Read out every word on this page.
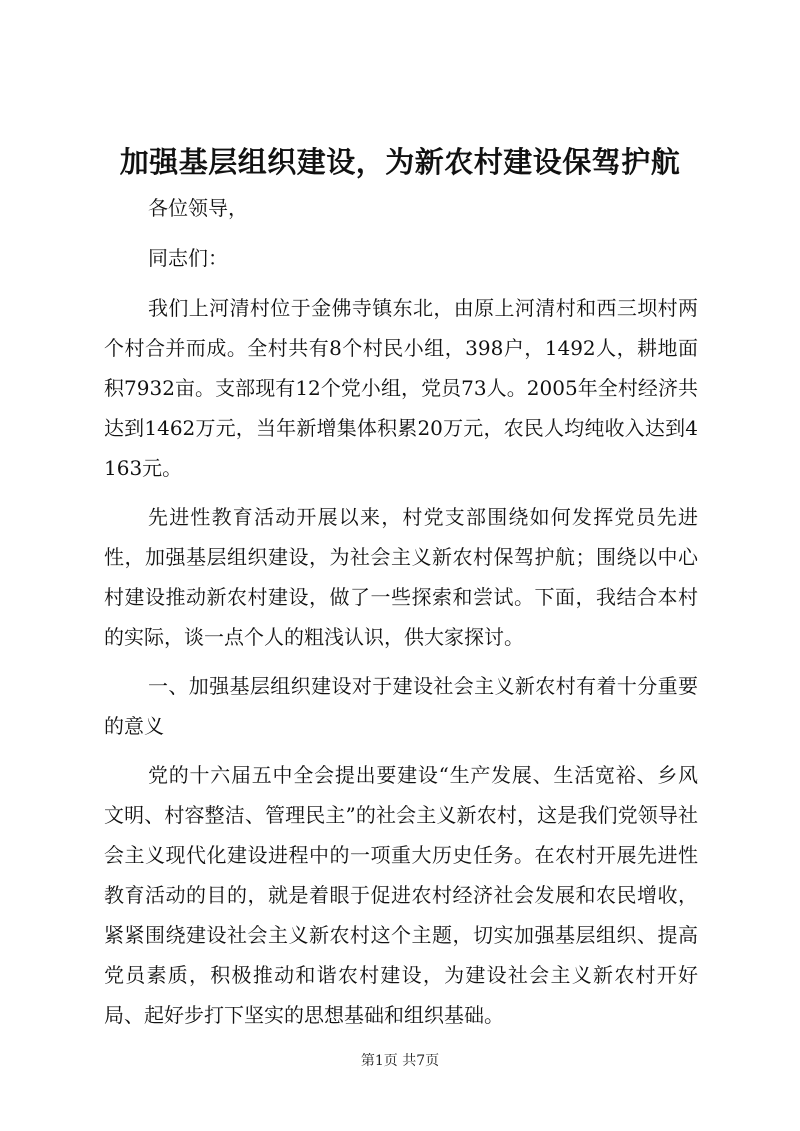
加强基层组织建设，为新农村建设保驾护航

各位领导，

同志们：

我们上河清村位于金佛寺镇东北，由原上河清村和西三坝村两个村合并而成。全村共有8个村民小组，398户，1492人，耕地面积7932亩。支部现有12个党小组，党员73人。2005年全村经济共达到1462万元，当年新增集体积累20万元，农民人均纯收入达到4163元。

先进性教育活动开展以来，村党支部围绕如何发挥党员先进性，加强基层组织建设，为社会主义新农村保驾护航；围绕以中心村建设推动新农村建设，做了一些探索和尝试。下面，我结合本村的实际，谈一点个人的粗浅认识，供大家探讨。

一、加强基层组织建设对于建设社会主义新农村有着十分重要的意义

党的十六届五中全会提出要建设“生产发展、生活宽裕、乡风文明、村容整洁、管理民主”的社会主义新农村，这是我们党领导社会主义现代化建设进程中的一项重大历史任务。在农村开展先进性教育活动的目的，就是着眼于促进农村经济社会发展和农民增收，紧紧围绕建设社会主义新农村这个主题，切实加强基层组织、提高党员素质，积极推动和谐农村建设，为建设社会主义新农村开好局、起好步打下坚实的思想基础和组织基础。

第1页 共7页
